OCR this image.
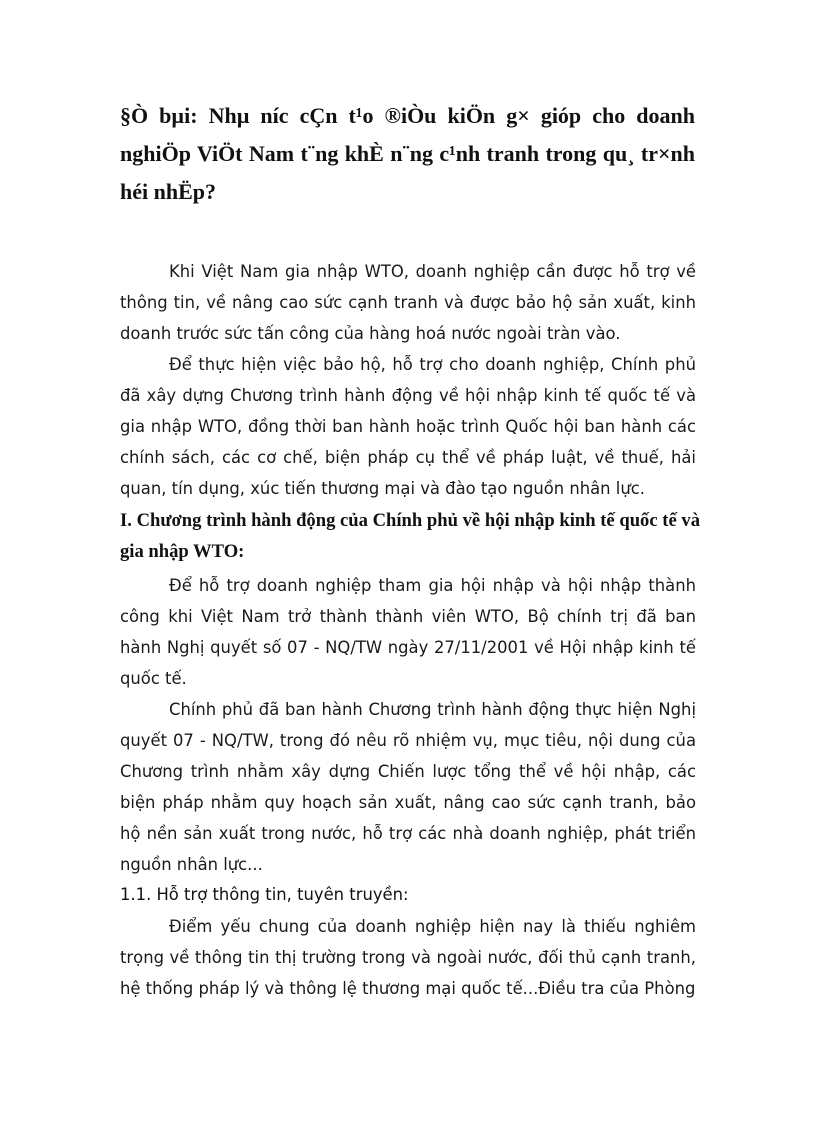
§Ò bµi: Nhµ níc cÇn t¹o ®iÒu kiÖn g× gióp cho doanh
nghiÖp ViÖt Nam t¨ng khÈ n¨ng c¹nh tranh trong qu¸ tr×nh
héi nhËp?

Khi Việt Nam gia nhập WTO, doanh nghiệp cần được hỗ trợ về thông tin, về nâng cao sức cạnh tranh và được bảo hộ sản xuất, kinh doanh trước sức tấn công của hàng hoá nước ngoài tràn vào.

Để thực hiện việc bảo hộ, hỗ trợ cho doanh nghiệp, Chính phủ đã xây dựng Chương trình hành động về hội nhập kinh tế quốc tế và gia nhập WTO, đồng thời ban hành hoặc trình Quốc hội ban hành các chính sách, các cơ chế, biện pháp cụ thể về pháp luật, về thuế, hải quan, tín dụng, xúc tiến thương mại và đào tạo nguồn nhân lực.

I. Chương trình hành động của Chính phủ về hội nhập kinh tế quốc tế và gia nhập WTO:

Để hỗ trợ doanh nghiệp tham gia hội nhập và hội nhập thành công khi Việt Nam trở thành thành viên WTO, Bộ chính trị đã ban hành Nghị quyết số 07 - NQ/TW ngày 27/11/2001 về Hội nhập kinh tế quốc tế.

Chính phủ đã ban hành Chương trình hành động thực hiện Nghị quyết 07 - NQ/TW, trong đó nêu rõ nhiệm vụ, mục tiêu, nội dung của Chương trình nhằm xây dựng Chiến lược tổng thể về hội nhập, các biện pháp nhằm quy hoạch sản xuất, nâng cao sức cạnh tranh, bảo hộ nền sản xuất trong nước, hỗ trợ các nhà doanh nghiệp, phát triển nguồn nhân lực...

1.1. Hỗ trợ thông tin, tuyên truyền:

Điểm yếu chung của doanh nghiệp hiện nay là thiếu nghiêm trọng về thông tin thị trường trong và ngoài nước, đối thủ cạnh tranh, hệ thống pháp lý và thông lệ thương mại quốc tế...Điều tra của Phòng
